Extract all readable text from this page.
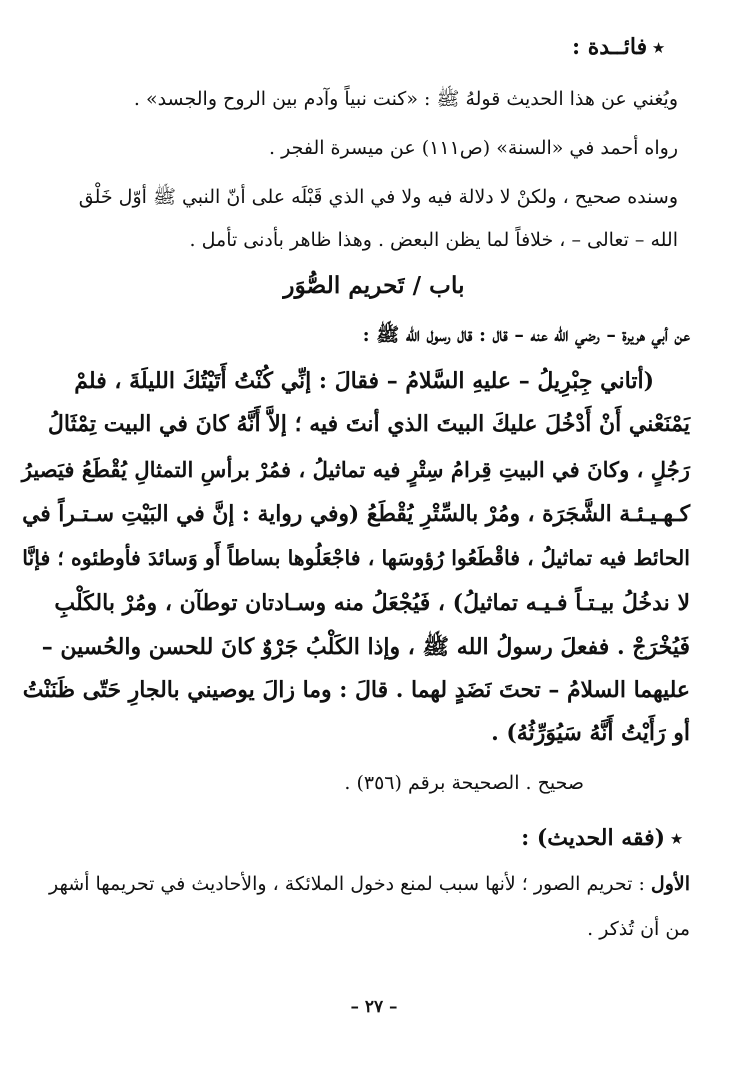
٭فائــدة :
ويُغني عن هذا الحديث قولهُ ﷺ : «كنت نبياً وآدم بين الروح والجسد» .
رواه أحمد في «السنة» (ص١١١) عن ميسرة الفجر .
وسنده صحيح ، ولكنْ لا دلالة فيه ولا في الذي قَبْلَه على أنّ النبي ﷺ أوّل خَلْق
الله – تعالى – ، خلافاً لما يظن البعض . وهذا ظاهر بأدنى تأمل .
باب / تَحريم الصُّوَر
عن أبي هريرة – رضي الله عنه – قال : قال رسول الله ﷺ :
(أتاني جِبْرِيلُ – عليهِ السَّلامُ – فقالَ : إنِّي كُنْتُ أَتَيْتُكَ الليلَةَ ، فلمْ
يَمْنَعْني أَنْ أَدْخُلَ عليكَ البيتَ الذي أنتَ فيه ؛ إلاَّ أَنَّهُ كانَ في البيت تِمْثَالُ
رَجُلٍ ، وكانَ في البيتِ قِرامُ سِتْرٍ فيه تماثيلُ ، فمُرْ برأسِ التمثالِ يُقْطَعُ فيَصيرُ
كـهـيـئـة الشَّجَرَة ، ومُرْ بالسِّتْرِ يُقْطَعُ (وفي رواية : إنَّ في البَيْتِ سـتـراً في
الحائط فيه تماثيلُ ، فاقْطَعُوا رُؤوسَها ، فاجْعَلُوها بساطاً أَو وَسائدَ فأوطئوه ؛ فإنَّا
لا ندخُلُ بيـتـاً فـيـه تماثيلُ) ، فَيُجْعَلُ منه وسـادتان توطآن ، ومُرْ بالكَلْبِ
فَيُخْرَجْ . ففعلَ رسولُ الله ﷺ ، وإذا الكَلْبُ جَرْوٌ كانَ للحسن والحُسين –
عليهما السلامُ – تحتَ نَضَدٍ لهما . قالَ : وما زالَ يوصيني بالجارِ حَتّى ظَنَنْتُ
أو رَأَيْتُ أَنَّهُ سَيُوَرِّثُهُ) .
صحيح . الصحيحة برقم (٣٥٦) .
٭(فقه الحديث) :
الأول : تحريم الصور ؛ لأنها سبب لمنع دخول الملائكة ، والأحاديث في تحريمها أشهر
من أن تُذكر .
– ٢٧ –
